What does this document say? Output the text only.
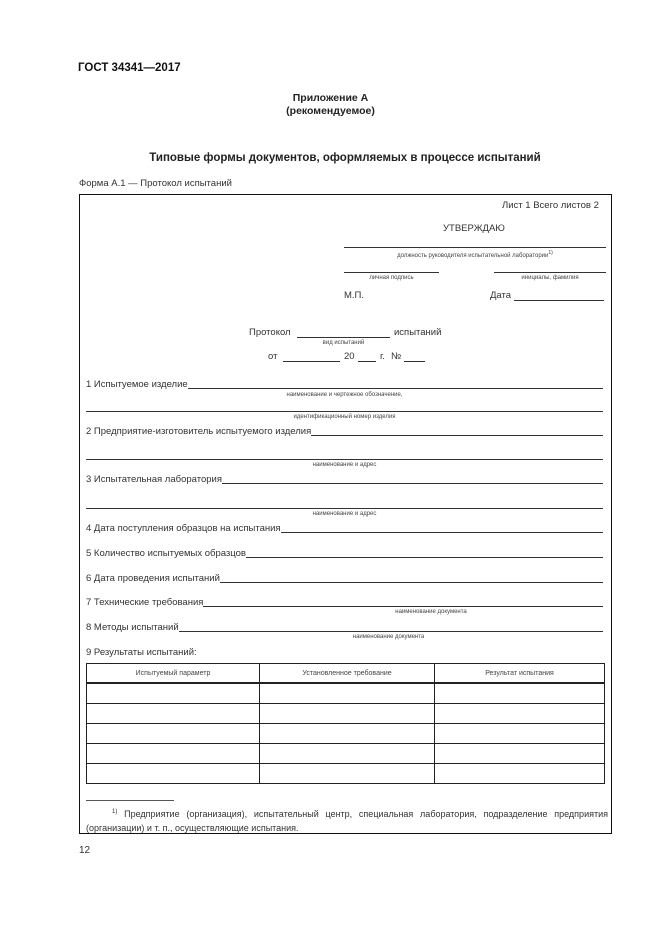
ГОСТ 34341—2017
Приложение А
(рекомендуемое)
Типовые формы документов, оформляемых в процессе испытаний
Форма А.1 — Протокол испытаний
Лист 1 Всего листов 2
УТВЕРЖДАЮ
должность руководителя испытательной лаборатории$^{1)}$
личная подпись	инициалы, фамилия
М.П.	Дата
Протокол	испытаний
вид испытаний
от	20	г. №
1 Испытуемое изделие
наименование и чертежное обозначение,
идентификационный номер изделия
2 Предприятие-изготовитель испытуемого изделия
наименование и адрес
3 Испытательная лаборатория
наименование и адрес
4 Дата поступления образцов на испытания
5 Количество испытуемых образцов
6 Дата проведения испытаний
7 Технические требования
наименование документа
8 Методы испытаний
наименование документа
9 Результаты испытаний:
Испытуемый параметр	Установленное требование	Результат испытания

$^{1)}$ Предприятие (организация), испытательный центр, специальная лаборатория, подразделение предприятия (организации) и т. п., осуществляющие испытания.
12
